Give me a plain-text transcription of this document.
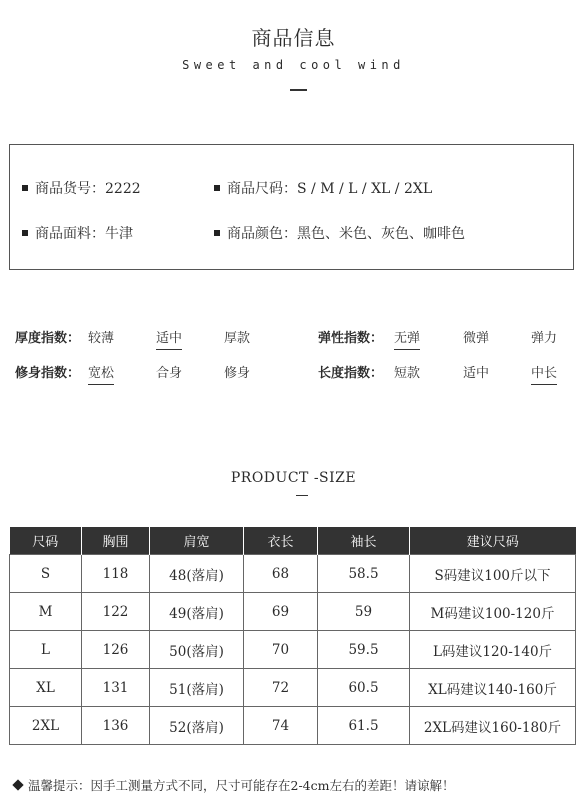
商品信息
Sweet and cool wind
商品货号：2222	商品尺码：S / M / L / XL / 2XL
商品面料：牛津	商品颜色：黑色、米色、灰色、咖啡色
厚度指数： 较薄	适中	厚款	弹性指数： 无弹	微弹	弹力
修身指数： 宽松	合身	修身	长度指数： 短款	适中	中长
PRODUCT -SIZE
尺码	胸围	肩宽	衣长	袖长	建议尺码
S	118	48(落肩)	68	58.5	S码建议100斤以下
M	122	49(落肩)	69	59	M码建议100-120斤
L	126	50(落肩)	70	59.5	L码建议120-140斤
XL	131	51(落肩)	72	60.5	XL码建议140-160斤
2XL	136	52(落肩)	74	61.5	2XL码建议160-180斤
温馨提示：因手工测量方式不同，尺寸可能存在2-4cm左右的差距！请谅解！
